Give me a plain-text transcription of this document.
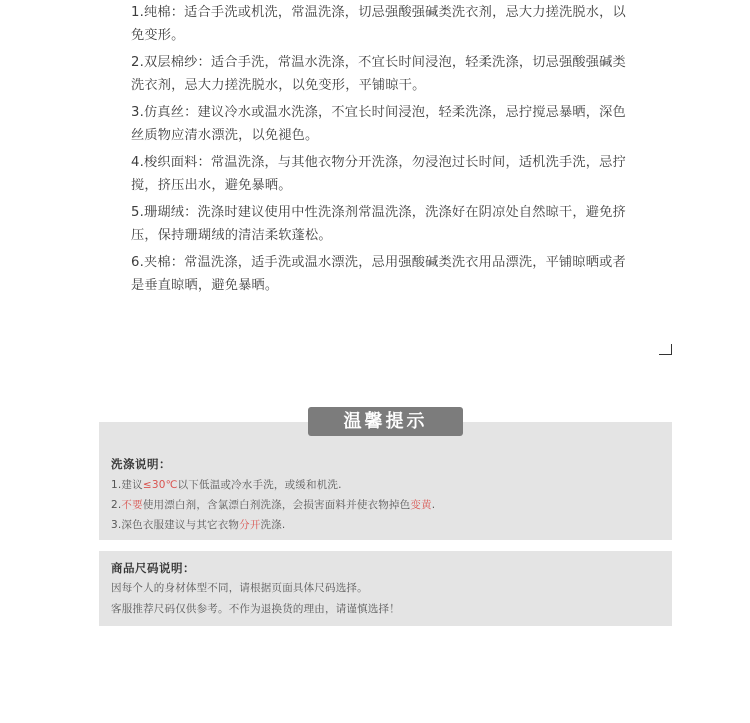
1.纯棉：适合手洗或机洗，常温洗涤，切忌强酸强碱类洗衣剂，忌大力搓洗脱水，以免变形。

2.双层棉纱：适合手洗，常温水洗涤，不宜长时间浸泡，轻柔洗涤，切忌强酸强碱类洗衣剂，忌大力搓洗脱水，以免变形，平铺晾干。

3.仿真丝：建议冷水或温水洗涤，不宜长时间浸泡，轻柔洗涤，忌拧搅忌暴晒，深色丝质物应清水漂洗，以免褪色。

4.梭织面料：常温洗涤，与其他衣物分开洗涤，勿浸泡过长时间，适机洗手洗，忌拧搅，挤压出水，避免暴晒。

5.珊瑚绒：洗涤时建议使用中性洗涤剂常温洗涤，洗涤好在阴凉处自然晾干，避免挤压，保持珊瑚绒的清洁柔软蓬松。

6.夹棉：常温洗涤，适手洗或温水漂洗，忌用强酸碱类洗衣用品漂洗，平铺晾晒或者是垂直晾晒，避免暴晒。

温馨提示
洗涤说明：
1.建议≤30℃以下低温或冷水手洗，或缓和机洗.
2.不要使用漂白剂，含氯漂白剂洗涤，会损害面料并使衣物掉色变黄.
3.深色衣服建议与其它衣物分开洗涤.
商品尺码说明：
因每个人的身材体型不同，请根据页面具体尺码选择。
客服推荐尺码仅供参考。不作为退换货的理由，请谨慎选择！
